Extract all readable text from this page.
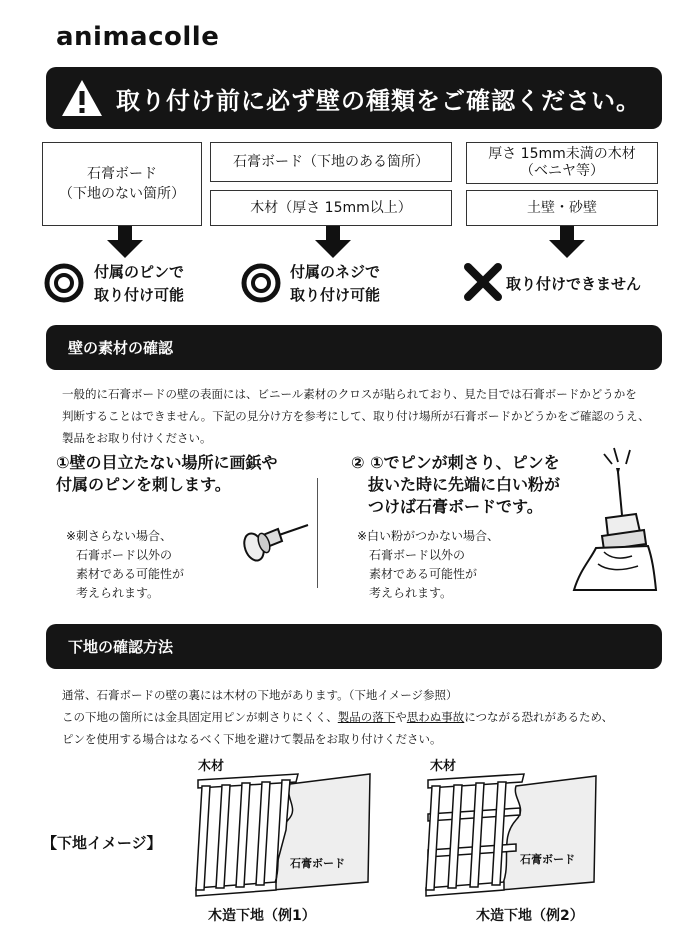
animacolle
取り付け前に必ず壁の種類をご確認ください。
石膏ボード
（下地のない箇所）
石膏ボード（下地のある箇所）
木材（厚さ 15mm以上）
厚さ 15mm未満の木材
（ベニヤ等）
土壁・砂壁
付属のピンで
取り付け可能
付属のネジで
取り付け可能
取り付けできません
壁の素材の確認
一般的に石膏ボードの壁の表面には、ビニール素材のクロスが貼られており、見た目では石膏ボードかどうかを
判断することはできません。下記の見分け方を参考にして、取り付け場所が石膏ボードかどうかをご確認のうえ、
製品をお取り付けください。
①壁の目立たない場所に画鋲や
付属のピンを刺します。
※刺さらない場合、
石膏ボード以外の
素材である可能性が
考えられます。
② ①でピンが刺さり、ピンを
抜いた時に先端に白い粉が
つけば石膏ボードです。
※白い粉がつかない場合、
石膏ボード以外の
素材である可能性が
考えられます。
下地の確認方法
通常、石膏ボードの壁の裏には木材の下地があります。（下地イメージ参照）
この下地の箇所には金具固定用ピンが刺さりにくく、製品の落下や思わぬ事故につながる恐れがあるため、
ピンを使用する場合はなるべく下地を避けて製品をお取り付けください。
【下地イメージ】
木材
石膏ボード
木造下地（例1）
木材
石膏ボード
木造下地（例2）
